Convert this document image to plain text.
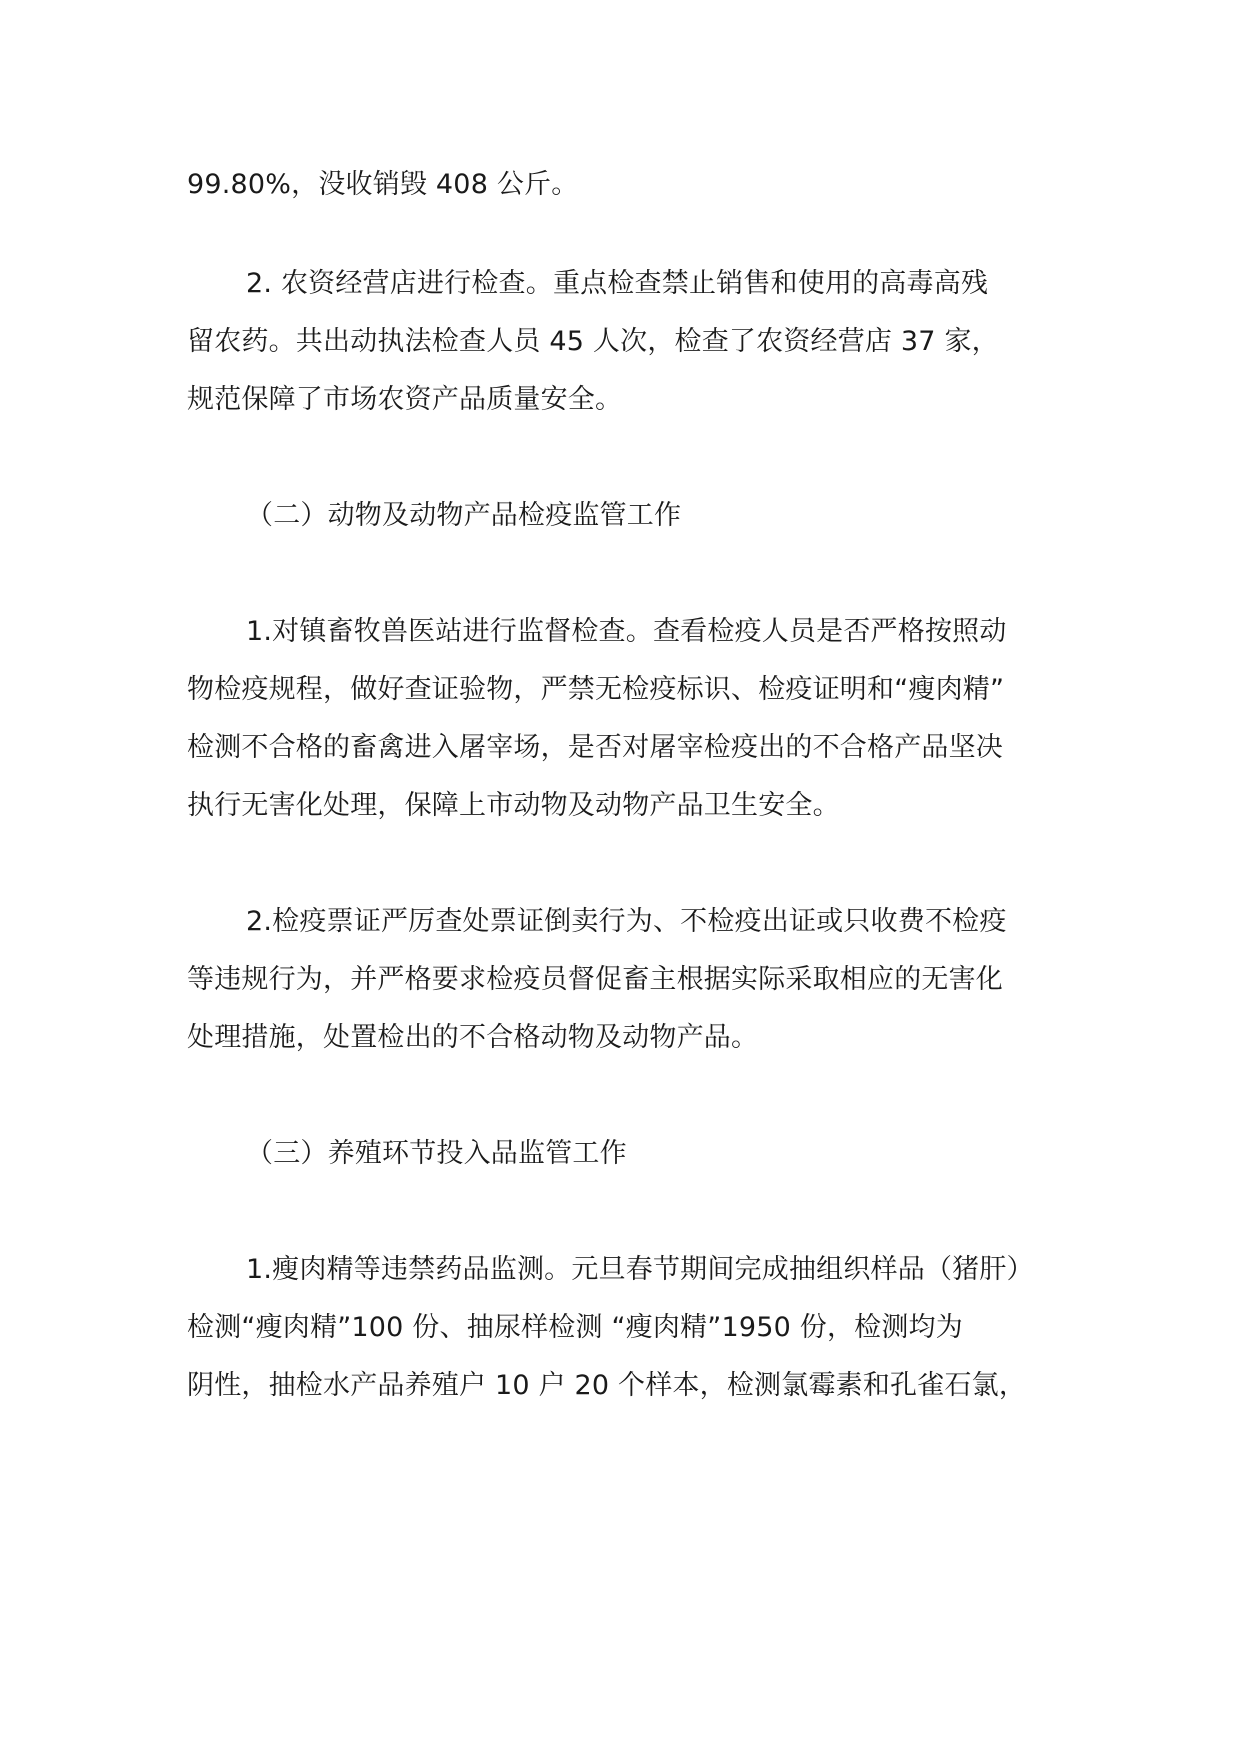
99.80%，没收销毁 408 公斤。
2. 农资经营店进行检查。重点检查禁止销售和使用的高毒高残
留农药。共出动执法检查人员 45 人次，检查了农资经营店 37 家，
规范保障了市场农资产品质量安全。
（二）动物及动物产品检疫监管工作
1.对镇畜牧兽医站进行监督检查。查看检疫人员是否严格按照动
物检疫规程，做好查证验物，严禁无检疫标识、检疫证明和“瘦肉精”
检测不合格的畜禽进入屠宰场，是否对屠宰检疫出的不合格产品坚决
执行无害化处理，保障上市动物及动物产品卫生安全。
2.检疫票证严厉查处票证倒卖行为、不检疫出证或只收费不检疫
等违规行为，并严格要求检疫员督促畜主根据实际采取相应的无害化
处理措施，处置检出的不合格动物及动物产品。
（三）养殖环节投入品监管工作
1.瘦肉精等违禁药品监测。元旦春节期间完成抽组织样品（猪肝）
检测“瘦肉精”100 份、抽尿样检测 “瘦肉精”1950 份，检测均为
阴性，抽检水产品养殖户 10 户 20 个样本，检测氯霉素和孔雀石氯，
